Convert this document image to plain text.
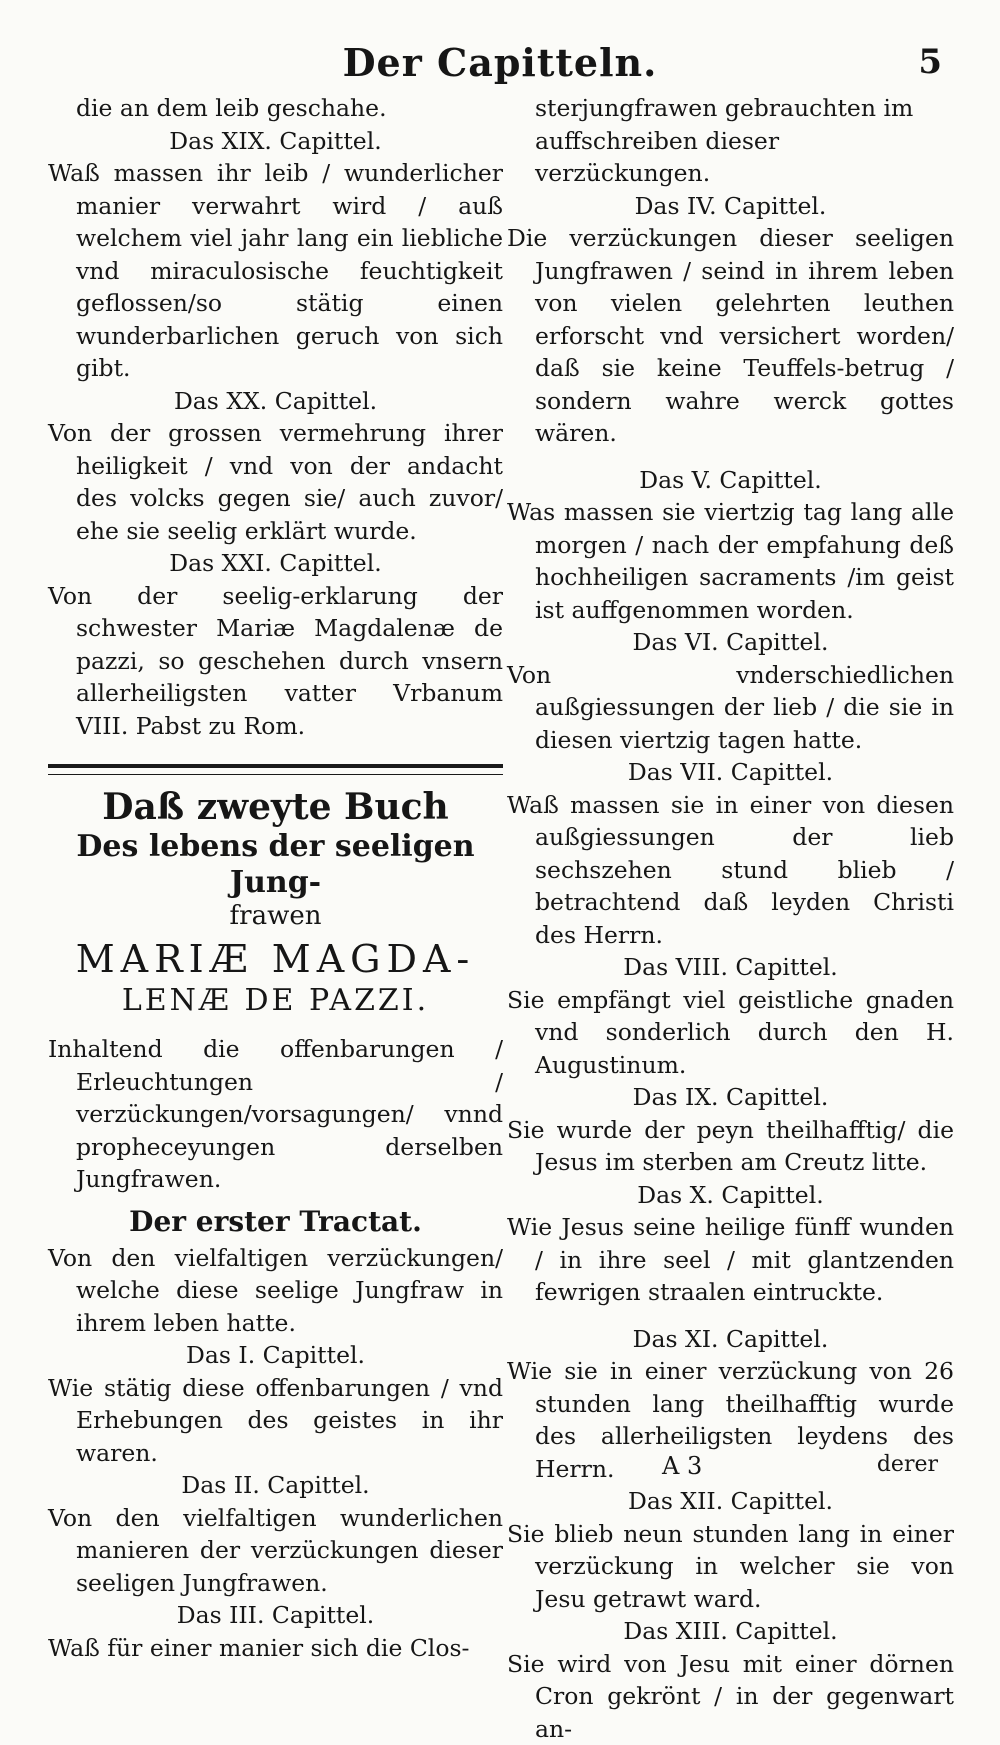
Der Capitteln.	5
die an dem leib geschahe.
Das XIX. Capittel.
Waß massen ihr leib / wunderlicher manier verwahrt wird / auß welchem viel jahr lang ein liebliche vnd miraculosische feuchtigkeit geflossen/so stätig einen wunderbarlichen geruch von sich gibt.
Das XX. Capittel.
Von der grossen vermehrung ihrer heiligkeit / vnd von der andacht des volcks gegen sie/ auch zuvor/ ehe sie seelig erklärt wurde.
Das XXI. Capittel.
Von der seelig-erklarung der schwester Mariæ Magdalenæ de pazzi, so geschehen durch vnsern allerheiligsten vatter Vrbanum VIII. Pabst zu Rom.
Daß zweyte Buch
Des lebens der seeligen Jung-
frawen
MARIÆ MAGDA-
LENÆ DE PAZZI.
Inhaltend die offenbarungen / Erleuchtungen / verzückungen/vorsagungen/ vnnd propheceyungen derselben Jungfrawen.
Der erster Tractat.
Von den vielfaltigen verzückungen/ welche diese seelige Jungfraw in ihrem leben hatte.
Das I. Capittel.
Wie stätig diese offenbarungen / vnd Erhebungen des geistes in ihr waren.
Das II. Capittel.
Von den vielfaltigen wunderlichen manieren der verzückungen dieser seeligen Jungfrawen.
Das III. Capittel.
Waß für einer manier sich die Clos-
sterjungfrawen gebrauchten im auffschreiben dieser verzückungen.
Das IV. Capittel.
Die verzückungen dieser seeligen Jungfrawen / seind in ihrem leben von vielen gelehrten leuthen erforscht vnd versichert worden/ daß sie keine Teuffels-betrug / sondern wahre werck gottes wären.
Das V. Capittel.
Was massen sie viertzig tag lang alle morgen / nach der empfahung deß hochheiligen sacraments /im geist ist auffgenommen worden.
Das VI. Capittel.
Von vnderschiedlichen außgiessungen der lieb / die sie in diesen viertzig tagen hatte.
Das VII. Capittel.
Waß massen sie in einer von diesen außgiessungen der lieb sechszehen stund blieb / betrachtend daß leyden Christi des Herrn.
Das VIII. Capittel.
Sie empfängt viel geistliche gnaden vnd sonderlich durch den H. Augustinum.
Das IX. Capittel.
Sie wurde der peyn theilhafftig/ die Jesus im sterben am Creutz litte.
Das X. Capittel.
Wie Jesus seine heilige fünff wunden / in ihre seel / mit glantzenden fewrigen straalen eintruckte.
Das XI. Capittel.
Wie sie in einer verzückung von 26 stunden lang theilhafftig wurde des allerheiligsten leydens des Herrn.
Das XII. Capittel.
Sie blieb neun stunden lang in einer verzückung in welcher sie von Jesu getrawt ward.
Das XIII. Capittel.
Sie wird von Jesu mit einer dörnen Cron gekrönt / in der gegenwart an-
A 3	derer
